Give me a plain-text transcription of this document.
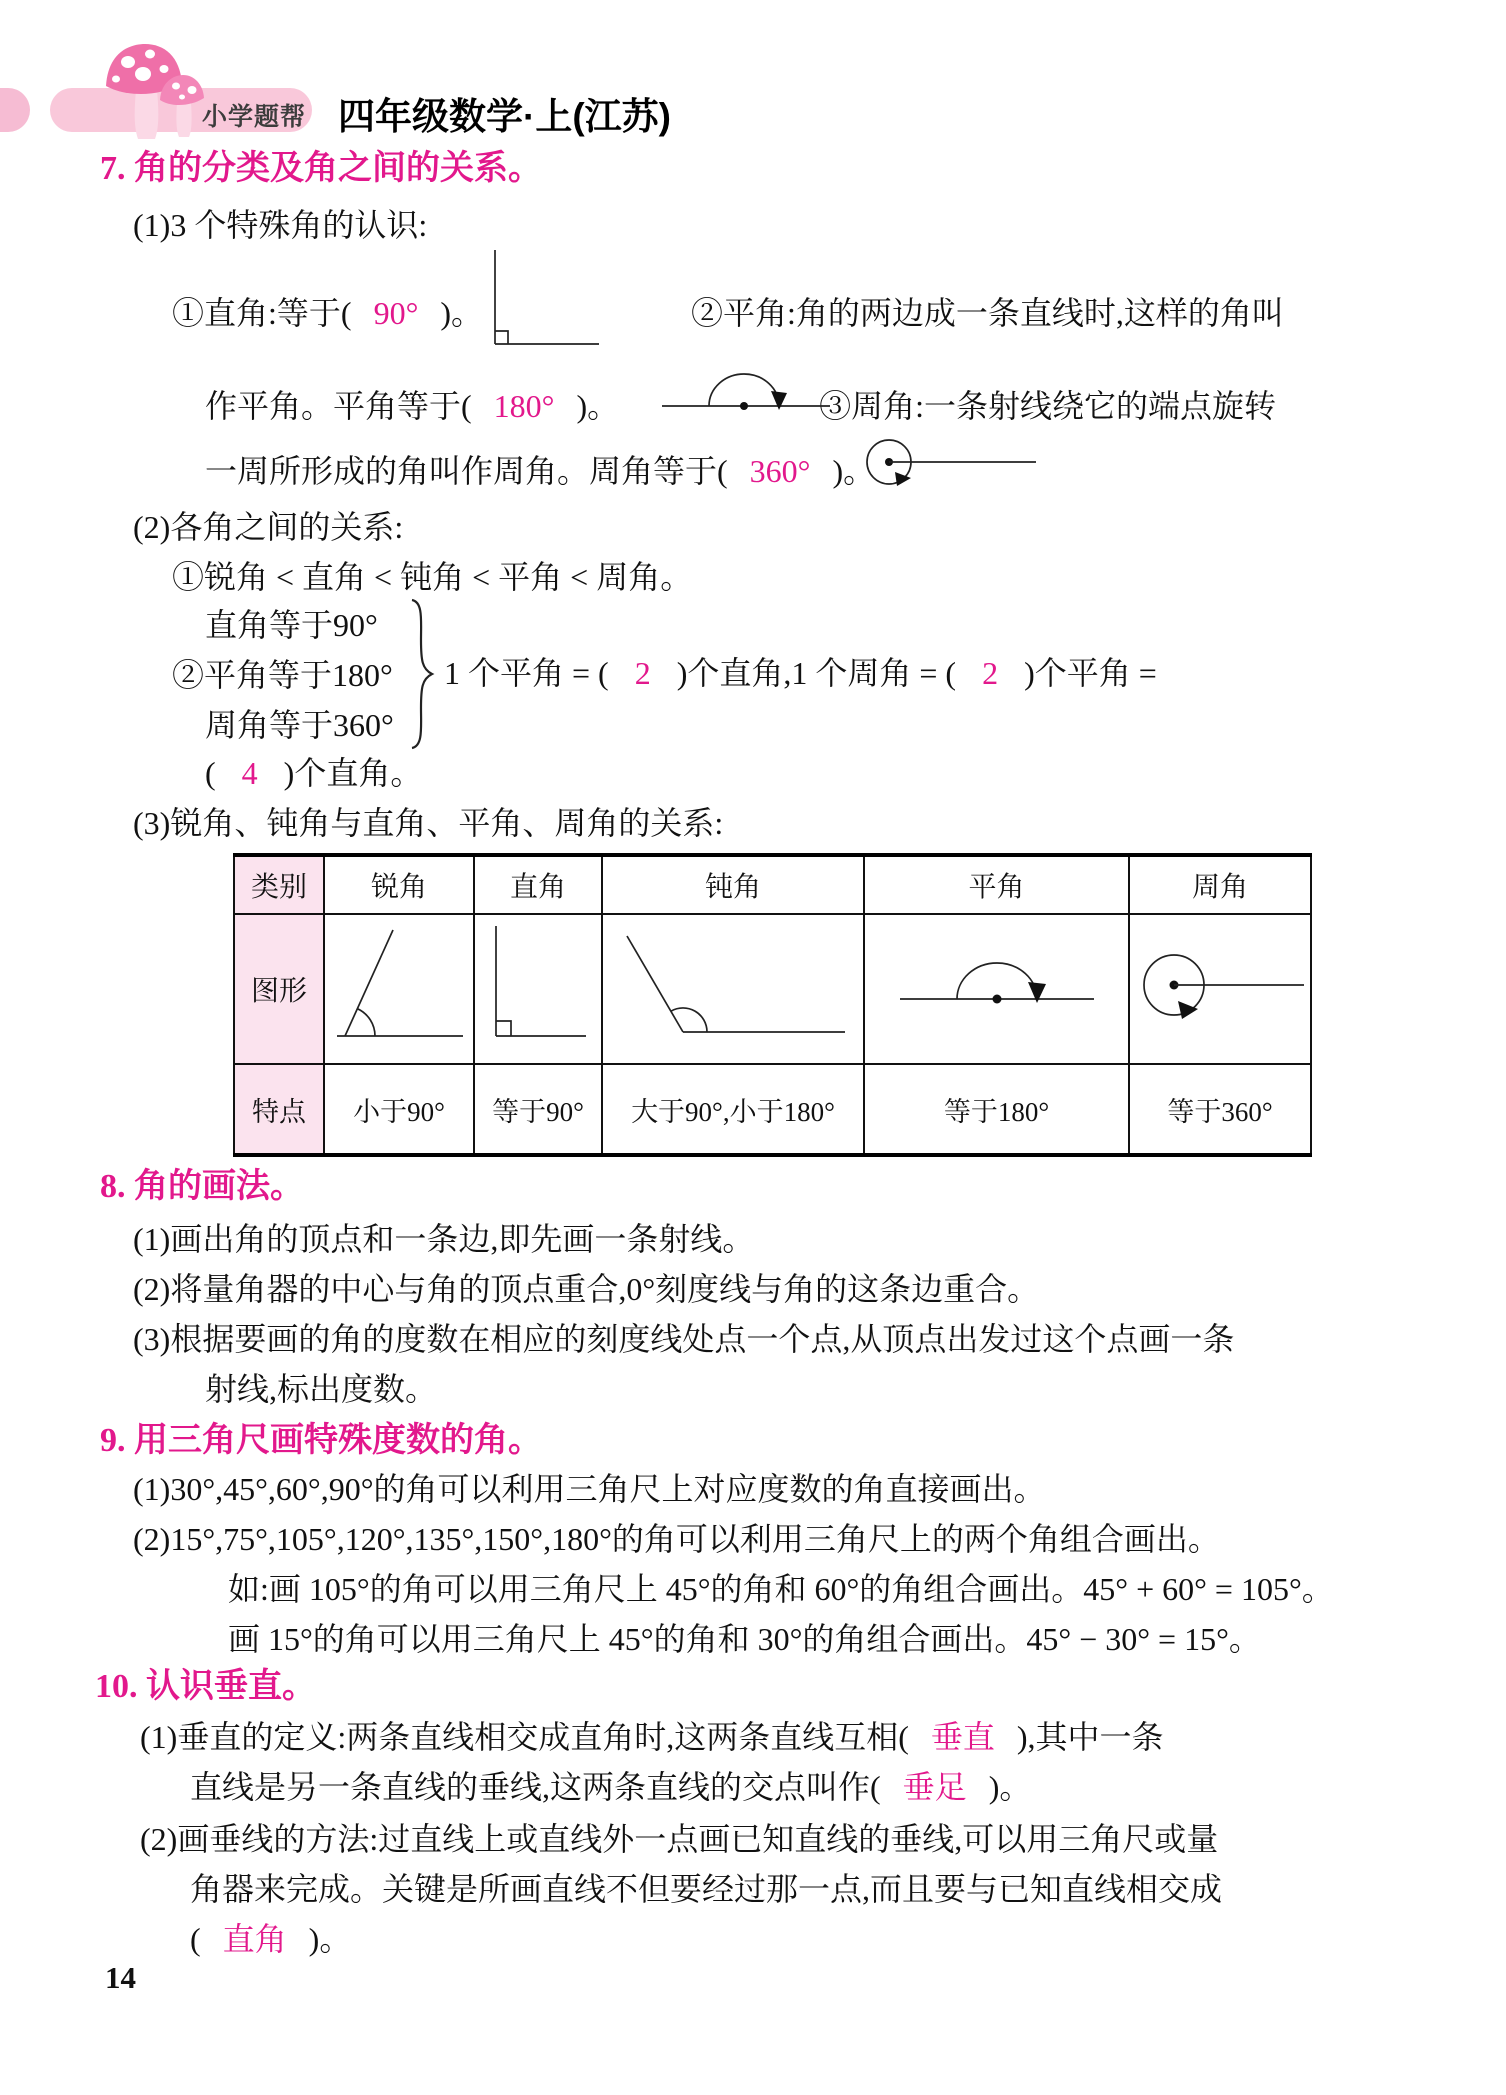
小学题帮 四年级数学·上(江苏)
7. 角的分类及角之间的关系。
(1)3 个特殊角的认识:
①直角:等于( 90° )。	②平角:角的两边成一条直线时,这样的角叫
作平角。平角等于( 180° )。	③周角:一条射线绕它的端点旋转
一周所形成的角叫作周角。周角等于( 360° )。
(2)各角之间的关系:
①锐角 < 直角 < 钝角 < 平角 < 周角。
直角等于90°
②平角等于180°
周角等于360°
1 个平角 = ( 2 )个直角,1 个周角 = ( 2 )个平角 =
( 4 )个直角。
(3)锐角、钝角与直角、平角、周角的关系:
类别	锐角	直角	钝角	平角	周角
图形					
特点	小于90°	等于90°	大于90°,小于180°	等于180°	等于360°
8. 角的画法。
(1)画出角的顶点和一条边,即先画一条射线。
(2)将量角器的中心与角的顶点重合,0°刻度线与角的这条边重合。
(3)根据要画的角的度数在相应的刻度线处点一个点,从顶点出发过这个点画一条
射线,标出度数。
9. 用三角尺画特殊度数的角。
(1)30°,45°,60°,90°的角可以利用三角尺上对应度数的角直接画出。
(2)15°,75°,105°,120°,135°,150°,180°的角可以利用三角尺上的两个角组合画出。
如:画 105°的角可以用三角尺上 45°的角和 60°的角组合画出。45° + 60° = 105°。
画 15°的角可以用三角尺上 45°的角和 30°的角组合画出。45° − 30° = 15°。
10. 认识垂直。
(1)垂直的定义:两条直线相交成直角时,这两条直线互相( 垂直 ),其中一条
直线是另一条直线的垂线,这两条直线的交点叫作( 垂足 )。
(2)画垂线的方法:过直线上或直线外一点画已知直线的垂线,可以用三角尺或量
角器来完成。关键是所画直线不但要经过那一点,而且要与已知直线相交成
( 直角 )。
14
